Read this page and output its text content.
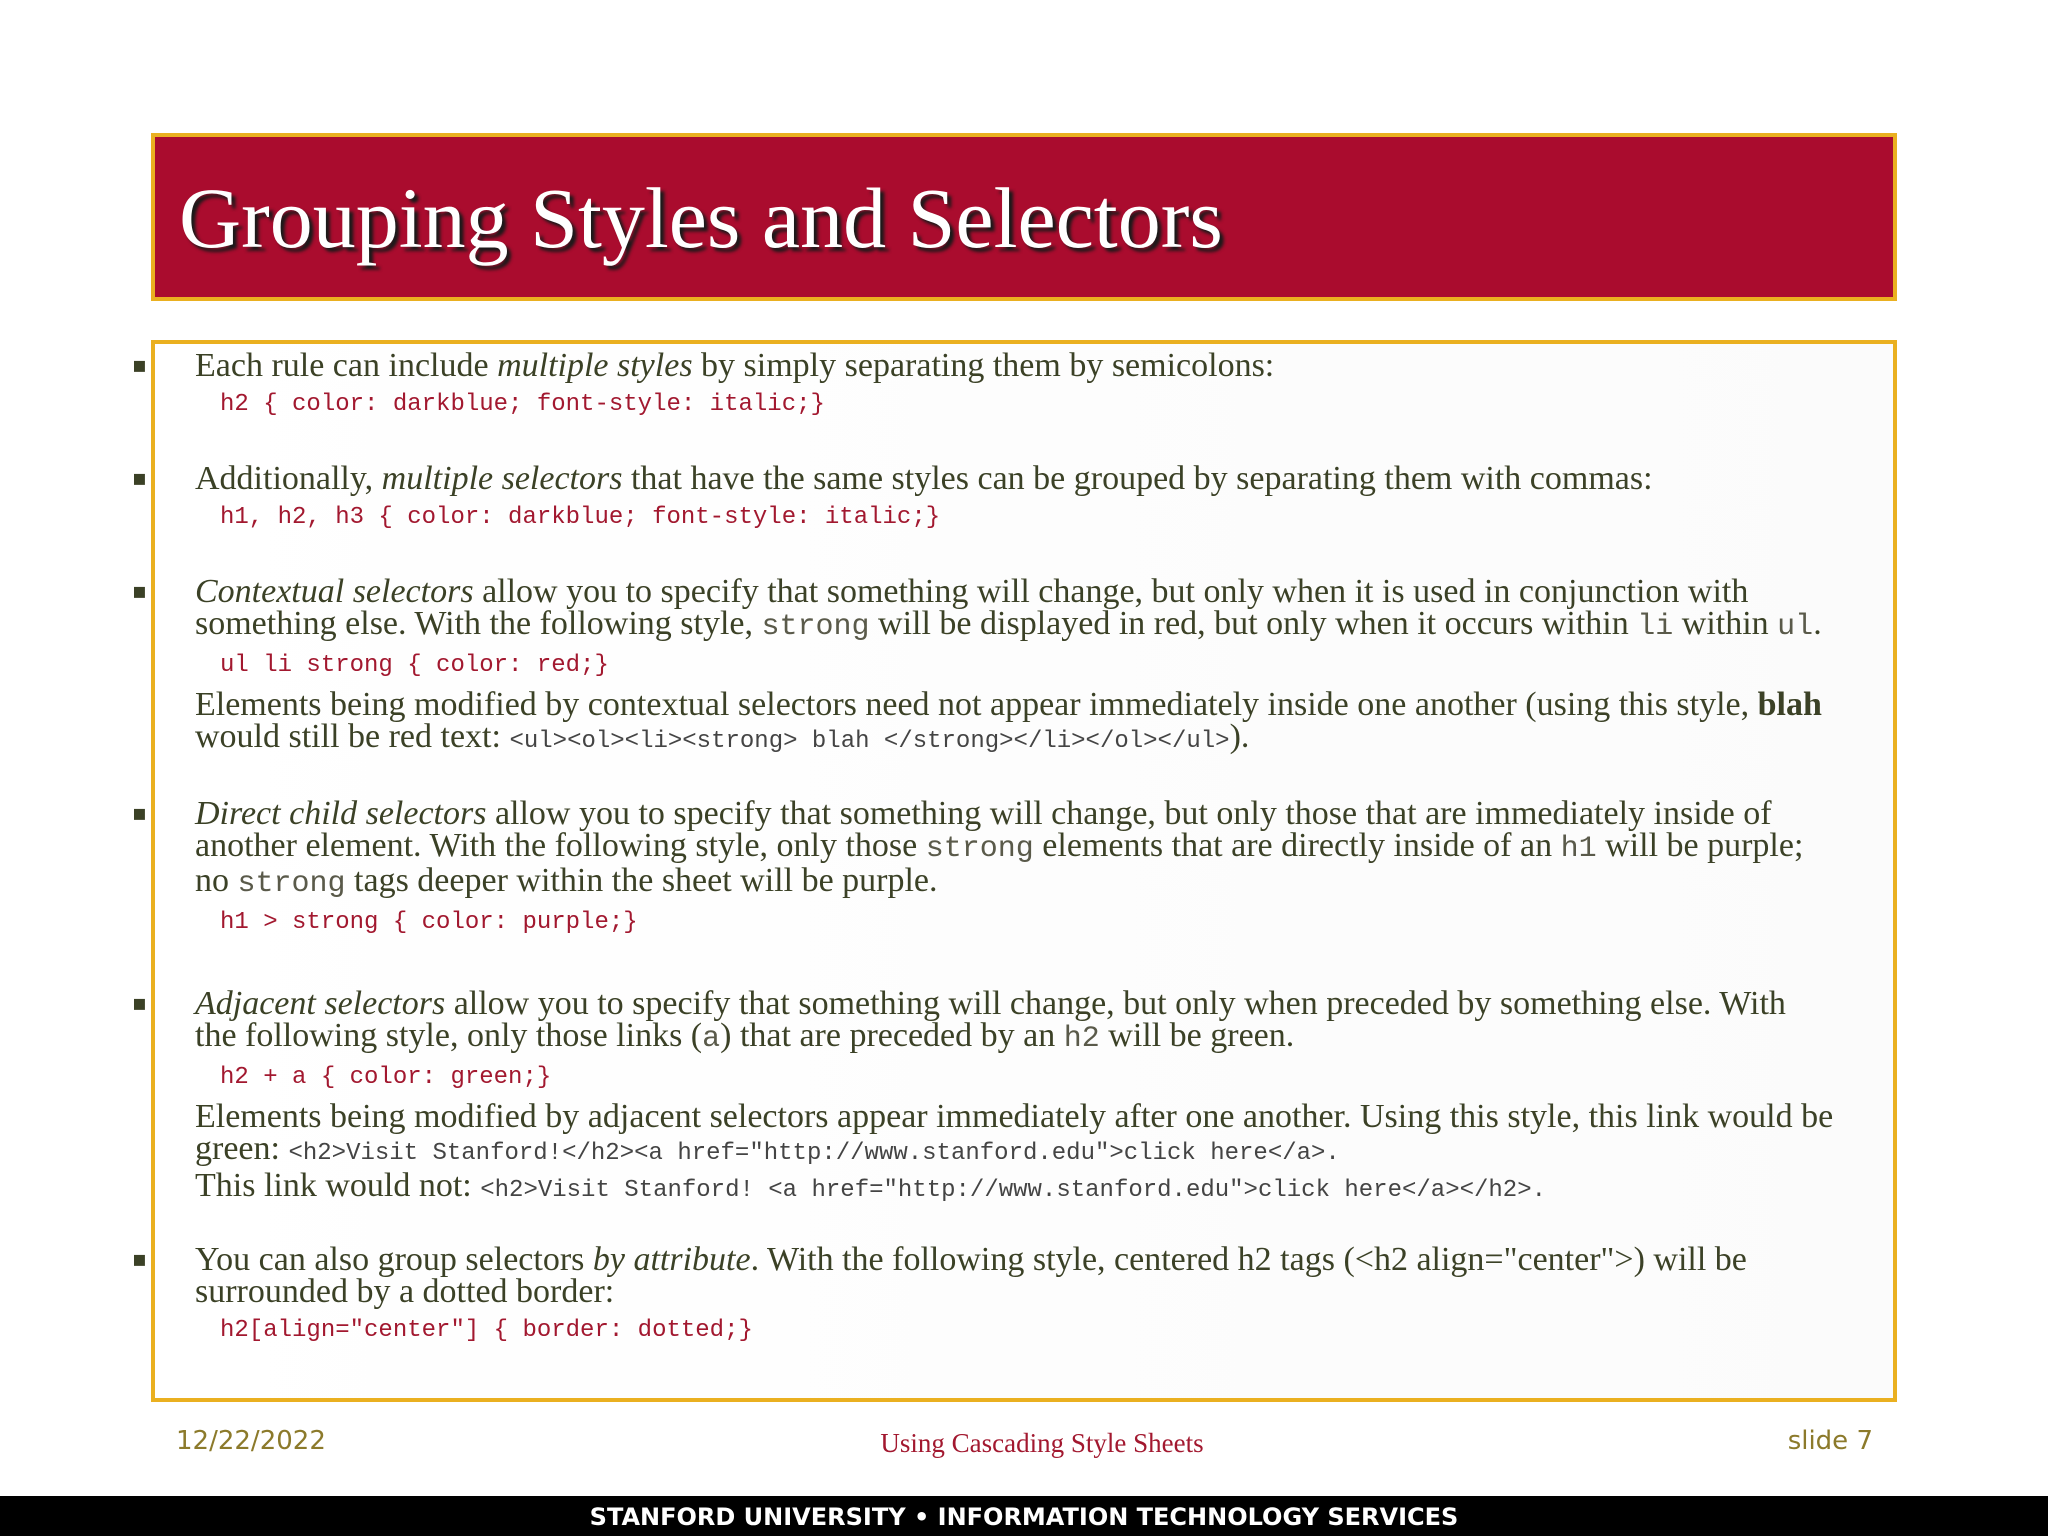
Grouping Styles and Selectors
▪ Each rule can include multiple styles by simply separating them by semicolons:
h2 { color: darkblue; font-style: italic;}
▪ Additionally, multiple selectors that have the same styles can be grouped by separating them with commas:
h1, h2, h3 { color: darkblue; font-style: italic;}
▪ Contextual selectors allow you to specify that something will change, but only when it is used in conjunction with something else. With the following style, strong will be displayed in red, but only when it occurs within li within ul.
ul li strong { color: red;}
Elements being modified by contextual selectors need not appear immediately inside one another (using this style, blah would still be red text: <ul><ol><li><strong> blah </strong></li></ol></ul>).
▪ Direct child selectors allow you to specify that something will change, but only those that are immediately inside of another element. With the following style, only those strong elements that are directly inside of an h1 will be purple; no strong tags deeper within the sheet will be purple.
h1 > strong { color: purple;}
▪ Adjacent selectors allow you to specify that something will change, but only when preceded by something else. With the following style, only those links (a) that are preceded by an h2 will be green.
h2 + a { color: green;}
Elements being modified by adjacent selectors appear immediately after one another. Using this style, this link would be green: <h2>Visit Stanford!</h2><a href="http://www.stanford.edu">click here</a>.
This link would not: <h2>Visit Stanford! <a href="http://www.stanford.edu">click here</a></h2>.
▪ You can also group selectors by attribute. With the following style, centered h2 tags (<h2 align="center">) will be surrounded by a dotted border:
h2[align="center"] { border: dotted;}
12/22/2022	Using Cascading Style Sheets	slide 7
STANFORD UNIVERSITY • INFORMATION TECHNOLOGY SERVICES
